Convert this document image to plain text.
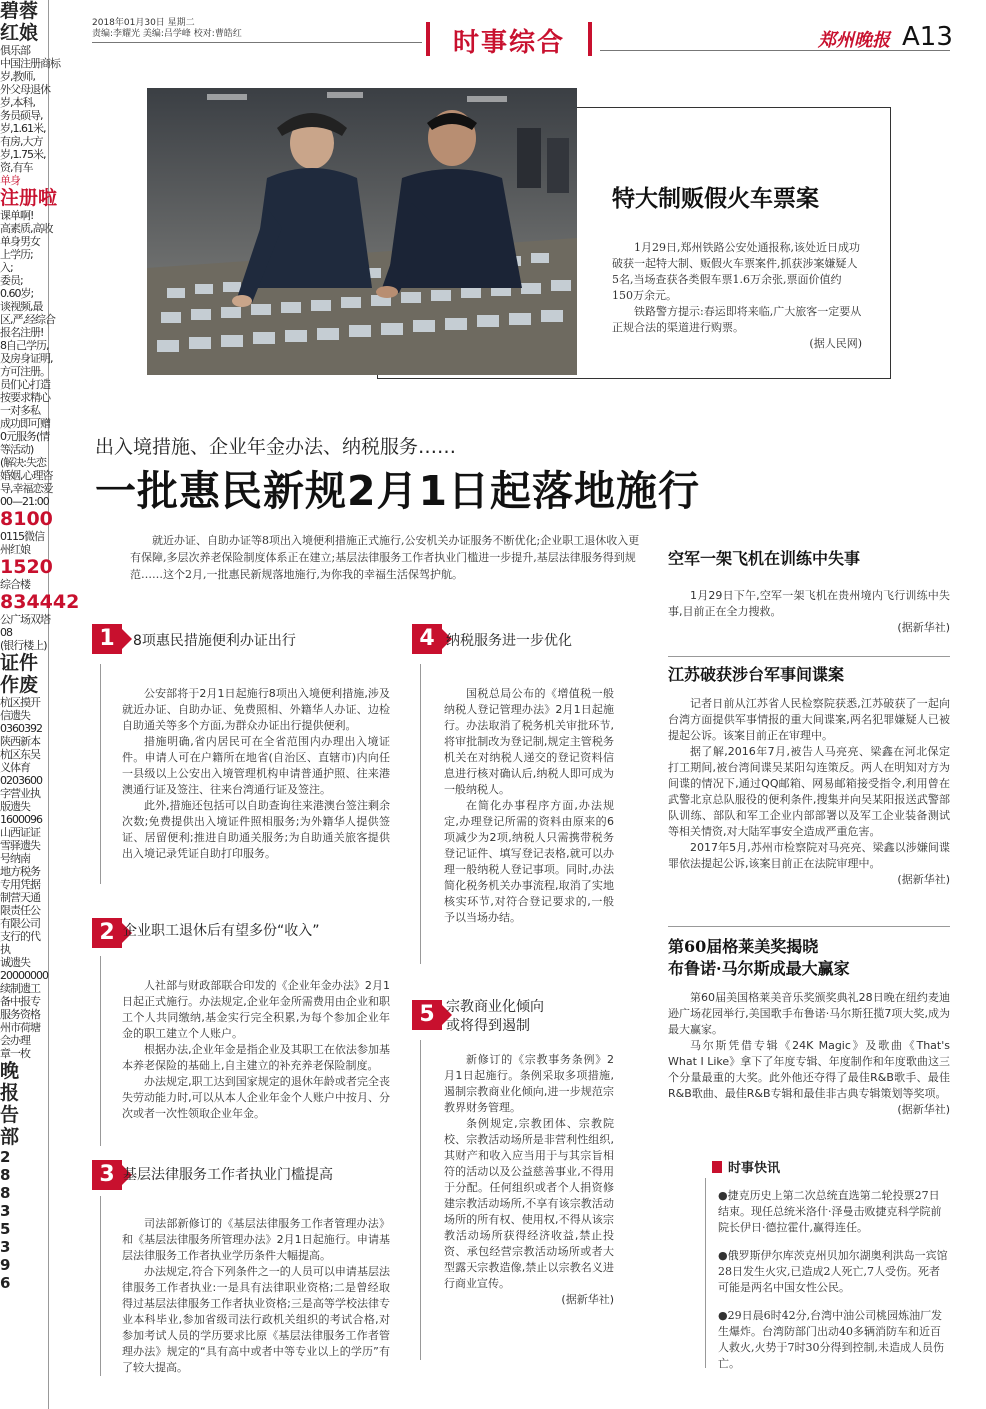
碧蓉
红娘
俱乐部
中国注册商标
岁,教师,
外父母退休
岁,本科,
务员硕导,
岁,1.61米,
有房,大方
岁,1.75米,
资,有车
单身
注册啦
课单啊!
高素质,高收
单身男女
上学历;
入;
委员;
0.60岁;
谈视频,最
区,严,经综合
报名注册!
8自己学历,
及房身证明,
方可注册。
员们心打造
按要求精心
一对多私
成功即可赠
0元服务(情
等活动)
(解决:失恋
婚姻,心理咨
导,幸福恋爱
00—21:00
8100
0115微信
州红娘
1520
综合楼
834442
公广场双塔
08
(银行楼上)
证件
作废
杭区摸开
信遗失
0360392
陕西新本
杭区东吴
义体育
0203600
字营业执
版遗失
1600096
山西证证
雪驿遗失
号纳南
地方税务
专用凭据
制营天通
限责任公
有限公司
支行的代
执
诚遗失
20000000
续制遗工
备中报专
服务资格
州市荷塘
会办理
章一枚
晚
报
告
部
2
8
8
3
5
3
9
6
2018年01月30日 星期二
责编:李耀光 美编:吕学峰 校对:曹皓红	时事综合	郑州晚报 A13
特大制贩假火车票案
1月29日,郑州铁路公安处通报称,该处近日成功破获一起特大制、贩假火车票案件,抓获涉案嫌疑人5名,当场查获各类假车票1.6万余张,票面价值约150万余元。
铁路警方提示:春运即将来临,广大旅客一定要从正规合法的渠道进行购票。
(据人民网)
出入境措施、企业年金办法、纳税服务……
一批惠民新规2月1日起落地施行
就近办证、自助办证等8项出入境便利措施正式施行,公安机关办证服务不断优化;企业职工退休收入更有保障,多层次养老保险制度体系正在建立;基层法律服务工作者执业门槛进一步提升,基层法律服务得到规范……这个2月,一批惠民新规落地施行,为你我的幸福生活保驾护航。
1	8项惠民措施便利办证出行

公安部将于2月1日起施行8项出入境便利措施,涉及就近办证、自助办证、免费照相、外籍华人办证、边检自助通关等多个方面,为群众办证出行提供便利。

措施明确,省内居民可在全省范围内办理出入境证件。申请人可在户籍所在地省(自治区、直辖市)内向任一县级以上公安出入境管理机构申请普通护照、往来港澳通行证及签注、往来台湾通行证及签注。

此外,措施还包括可以自助查询往来港澳台签注剩余次数;免费提供出入境证件照相服务;为外籍华人提供签证、居留便利;推进自助通关服务;为自助通关旅客提供出入境记录凭证自助打印服务。

2 企业职工退休后有望多份“收入”

人社部与财政部联合印发的《企业年金办法》2月1日起正式施行。办法规定,企业年金所需费用由企业和职工个人共同缴纳,基金实行完全积累,为每个参加企业年金的职工建立个人账户。

根据办法,企业年金是指企业及其职工在依法参加基本养老保险的基础上,自主建立的补充养老保险制度。

办法规定,职工达到国家规定的退休年龄或者完全丧失劳动能力时,可以从本人企业年金个人账户中按月、分次或者一次性领取企业年金。

3 基层法律服务工作者执业门槛提高

司法部新修订的《基层法律服务工作者管理办法》和《基层法律服务所管理办法》2月1日起施行。申请基层法律服务工作者执业学历条件大幅提高。

办法规定,符合下列条件之一的人员可以申请基层法律服务工作者执业:一是具有法律职业资格;二是曾经取得过基层法律服务工作者执业资格;三是高等学校法律专业本科毕业,参加省级司法行政机关组织的考试合格,对参加考试人员的学历要求比原《基层法律服务工作者管理办法》规定的“具有高中或者中等专业以上的学历”有了较大提高。

4 纳税服务进一步优化

国税总局公布的《增值税一般纳税人登记管理办法》2月1日起施行。办法取消了税务机关审批环节,将审批制改为登记制,规定主管税务机关在对纳税人递交的登记资料信息进行核对确认后,纳税人即可成为一般纳税人。

在简化办事程序方面,办法规定,办理登记所需的资料由原来的6项减少为2项,纳税人只需携带税务登记证件、填写登记表格,就可以办理一般纳税人登记事项。同时,办法简化税务机关办事流程,取消了实地核实环节,对符合登记要求的,一般予以当场办结。

5 宗教商业化倾向
或将得到遏制

新修订的《宗教事务条例》2月1日起施行。条例采取多项措施,遏制宗教商业化倾向,进一步规范宗教界财务管理。

条例规定,宗教团体、宗教院校、宗教活动场所是非营利性组织,其财产和收入应当用于与其宗旨相符的活动以及公益慈善事业,不得用于分配。任何组织或者个人捐资修建宗教活动场所,不享有该宗教活动场所的所有权、使用权,不得从该宗教活动场所获得经济收益,禁止投资、承包经营宗教活动场所或者大型露天宗教造像,禁止以宗教名义进行商业宣传。

(据新华社)
空军一架飞机在训练中失事

1月29日下午,空军一架飞机在贵州境内飞行训练中失事,目前正在全力搜救。

(据新华社)
江苏破获涉台军事间谍案

记者日前从江苏省人民检察院获悉,江苏破获了一起向台湾方面提供军事情报的重大间谍案,两名犯罪嫌疑人已被提起公诉。该案目前正在审理中。

据了解,2016年7月,被告人马亮亮、梁鑫在河北保定打工期间,被台湾间谍吴某阳勾连策反。两人在明知对方为间谍的情况下,通过QQ邮箱、网易邮箱接受指令,利用曾在武警北京总队服役的便利条件,搜集并向吴某阳报送武警部队训练、部队和军工企业内部部署以及军工企业装备测试等相关情资,对大陆军事安全造成严重危害。

2017年5月,苏州市检察院对马亮亮、梁鑫以涉嫌间谍罪依法提起公诉,该案目前正在法院审理中。

(据新华社)
第60届格莱美奖揭晓
布鲁诺·马尔斯成最大赢家

第60届美国格莱美音乐奖颁奖典礼28日晚在纽约麦迪逊广场花园举行,美国歌手布鲁诺·马尔斯狂揽7项大奖,成为最大赢家。

马尔斯凭借专辑《24K Magic》及歌曲《That's What I Like》拿下了年度专辑、年度制作和年度歌曲这三个分量最重的大奖。此外他还夺得了最佳R&B歌手、最佳R&B歌曲、最佳R&B专辑和最佳非古典专辑策划等奖项。

(据新华社)
时事快讯
●捷克历史上第二次总统直选第二轮投票27日结束。现任总统米洛什·泽曼击败捷克科学院前院长伊日·德拉霍什,赢得连任。
●俄罗斯伊尔库茨克州贝加尔湖奥利洪岛一宾馆28日发生火灾,已造成2人死亡,7人受伤。死者可能是两名中国女性公民。
●29日晨6时42分,台湾中油公司桃园炼油厂发生爆炸。台湾防部门出动40多辆消防车和近百人救火,火势于7时30分得到控制,未造成人员伤亡。
